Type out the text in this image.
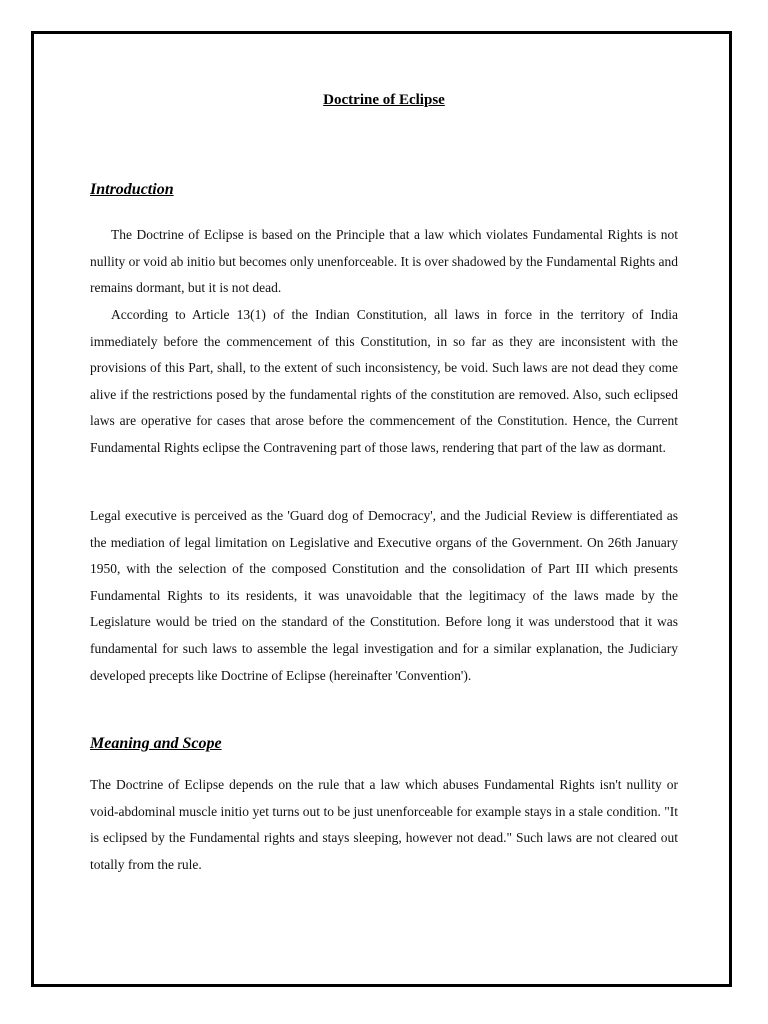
Doctrine of Eclipse
Introduction

The Doctrine of Eclipse is based on the Principle that a law which violates Fundamental Rights is not nullity or void ab initio but becomes only unenforceable. It is over shadowed by the Fundamental Rights and remains dormant, but it is not dead.

According to Article 13(1) of the Indian Constitution, all laws in force in the territory of India immediately before the commencement of this Constitution, in so far as they are inconsistent with the provisions of this Part, shall, to the extent of such inconsistency, be void. Such laws are not dead they come alive if the restrictions posed by the fundamental rights of the constitution are removed. Also, such eclipsed laws are operative for cases that arose before the commencement of the Constitution. Hence, the Current Fundamental Rights eclipse the Contravening part of those laws, rendering that part of the law as dormant.

Legal executive is perceived as the 'Guard dog of Democracy', and the Judicial Review is differentiated as the mediation of legal limitation on Legislative and Executive organs of the Government. On 26th January 1950, with the selection of the composed Constitution and the consolidation of Part III which presents Fundamental Rights to its residents, it was unavoidable that the legitimacy of the laws made by the Legislature would be tried on the standard of the Constitution. Before long it was understood that it was fundamental for such laws to assemble the legal investigation and for a similar explanation, the Judiciary developed precepts like Doctrine of Eclipse (hereinafter 'Convention').

Meaning and Scope

The Doctrine of Eclipse depends on the rule that a law which abuses Fundamental Rights isn't nullity or void-abdominal muscle initio yet turns out to be just unenforceable for example stays in a stale condition. "It is eclipsed by the Fundamental rights and stays sleeping, however not dead." Such laws are not cleared out totally from the rule.
